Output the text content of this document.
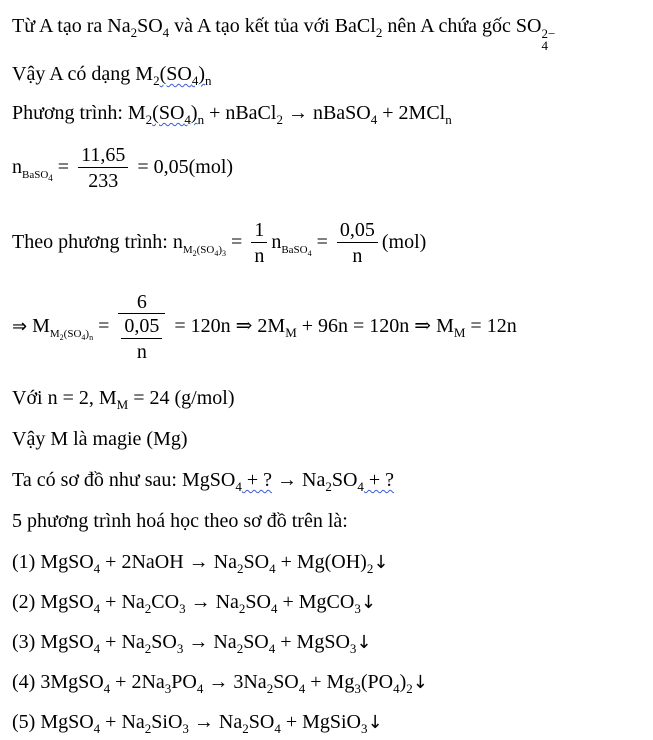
Từ A tạo ra $Na_2SO_4$ và A tạo kết tủa với BaCl$_2$ nên A chứa gốc SO 2−
4
Vậy A có dạng $M_2(SO_4)_n$
Phương trình: $M_2(SO_4)_n$ + nBaCl$_2$ → nBaSO$_4$ + 2MCl$_n$
$n_{BaSO_4} = \frac{11,65}{233} = 0,05(mol)$
Theo phương trình: $n_{M_2(SO_4)_3} = \frac{1}{n} n_{BaSO_4} = \frac{0,05}{n} (mol)$
⇒ $M_{M_2(SO_4)_n} = \frac{6}{\frac{0,05}{n}} = 120n$ ⇒ $2M_M + 96n = 120n$ ⇒ $M_M = 12n$
Với n = 2, $M_M = 24$ (g/mol)
Vậy M là magie (Mg)
Ta có sơ đồ như sau: MgSO$_4$ + ? → $Na_2SO_4$ + ?
5 phương trình hoá học theo sơ đồ trên là:
(1) MgSO$_4$ + 2NaOH → $Na_2SO_4$ + $Mg(OH)_2↓$
(2) MgSO$_4$ + $Na_2CO_3 \to Na_2SO_4$ + MgCO$_3$↓
(3) MgSO$_4$ + $Na_2SO_3 \to Na_2SO_4$ + MgSO$_3$↓
(4) 3MgSO$_4$ + $2Na_3PO_4 \to 3Na_2SO_4$ + $Mg_3(PO_4)_2↓$
(5) MgSO$_4$ + $Na_2SiO_3 \to Na_2SO_4$ + MgSiO$_3$↓
